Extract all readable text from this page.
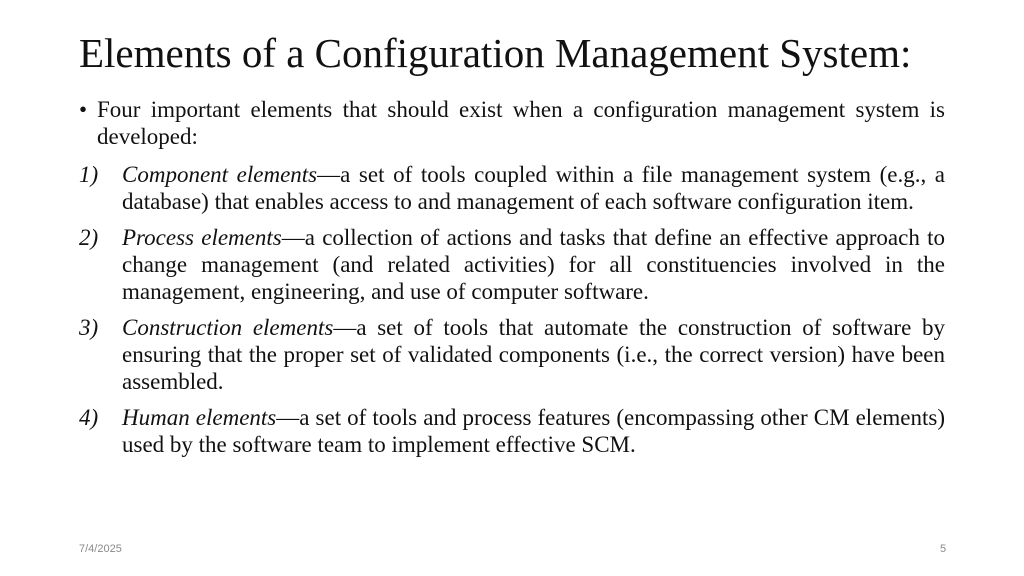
Elements of a Configuration Management System:
• Four important elements that should exist when a configuration management system is developed:
1) Component elements—a set of tools coupled within a file management system (e.g., a database) that enables access to and management of each software configuration item.
2) Process elements—a collection of actions and tasks that define an effective approach to change management (and related activities) for all constituencies involved in the management, engineering, and use of computer software.
3) Construction elements—a set of tools that automate the construction of software by ensuring that the proper set of validated components (i.e., the correct version) have been assembled.
4) Human elements—a set of tools and process features (encompassing other CM elements) used by the software team to implement effective SCM.
7/4/2025	5
